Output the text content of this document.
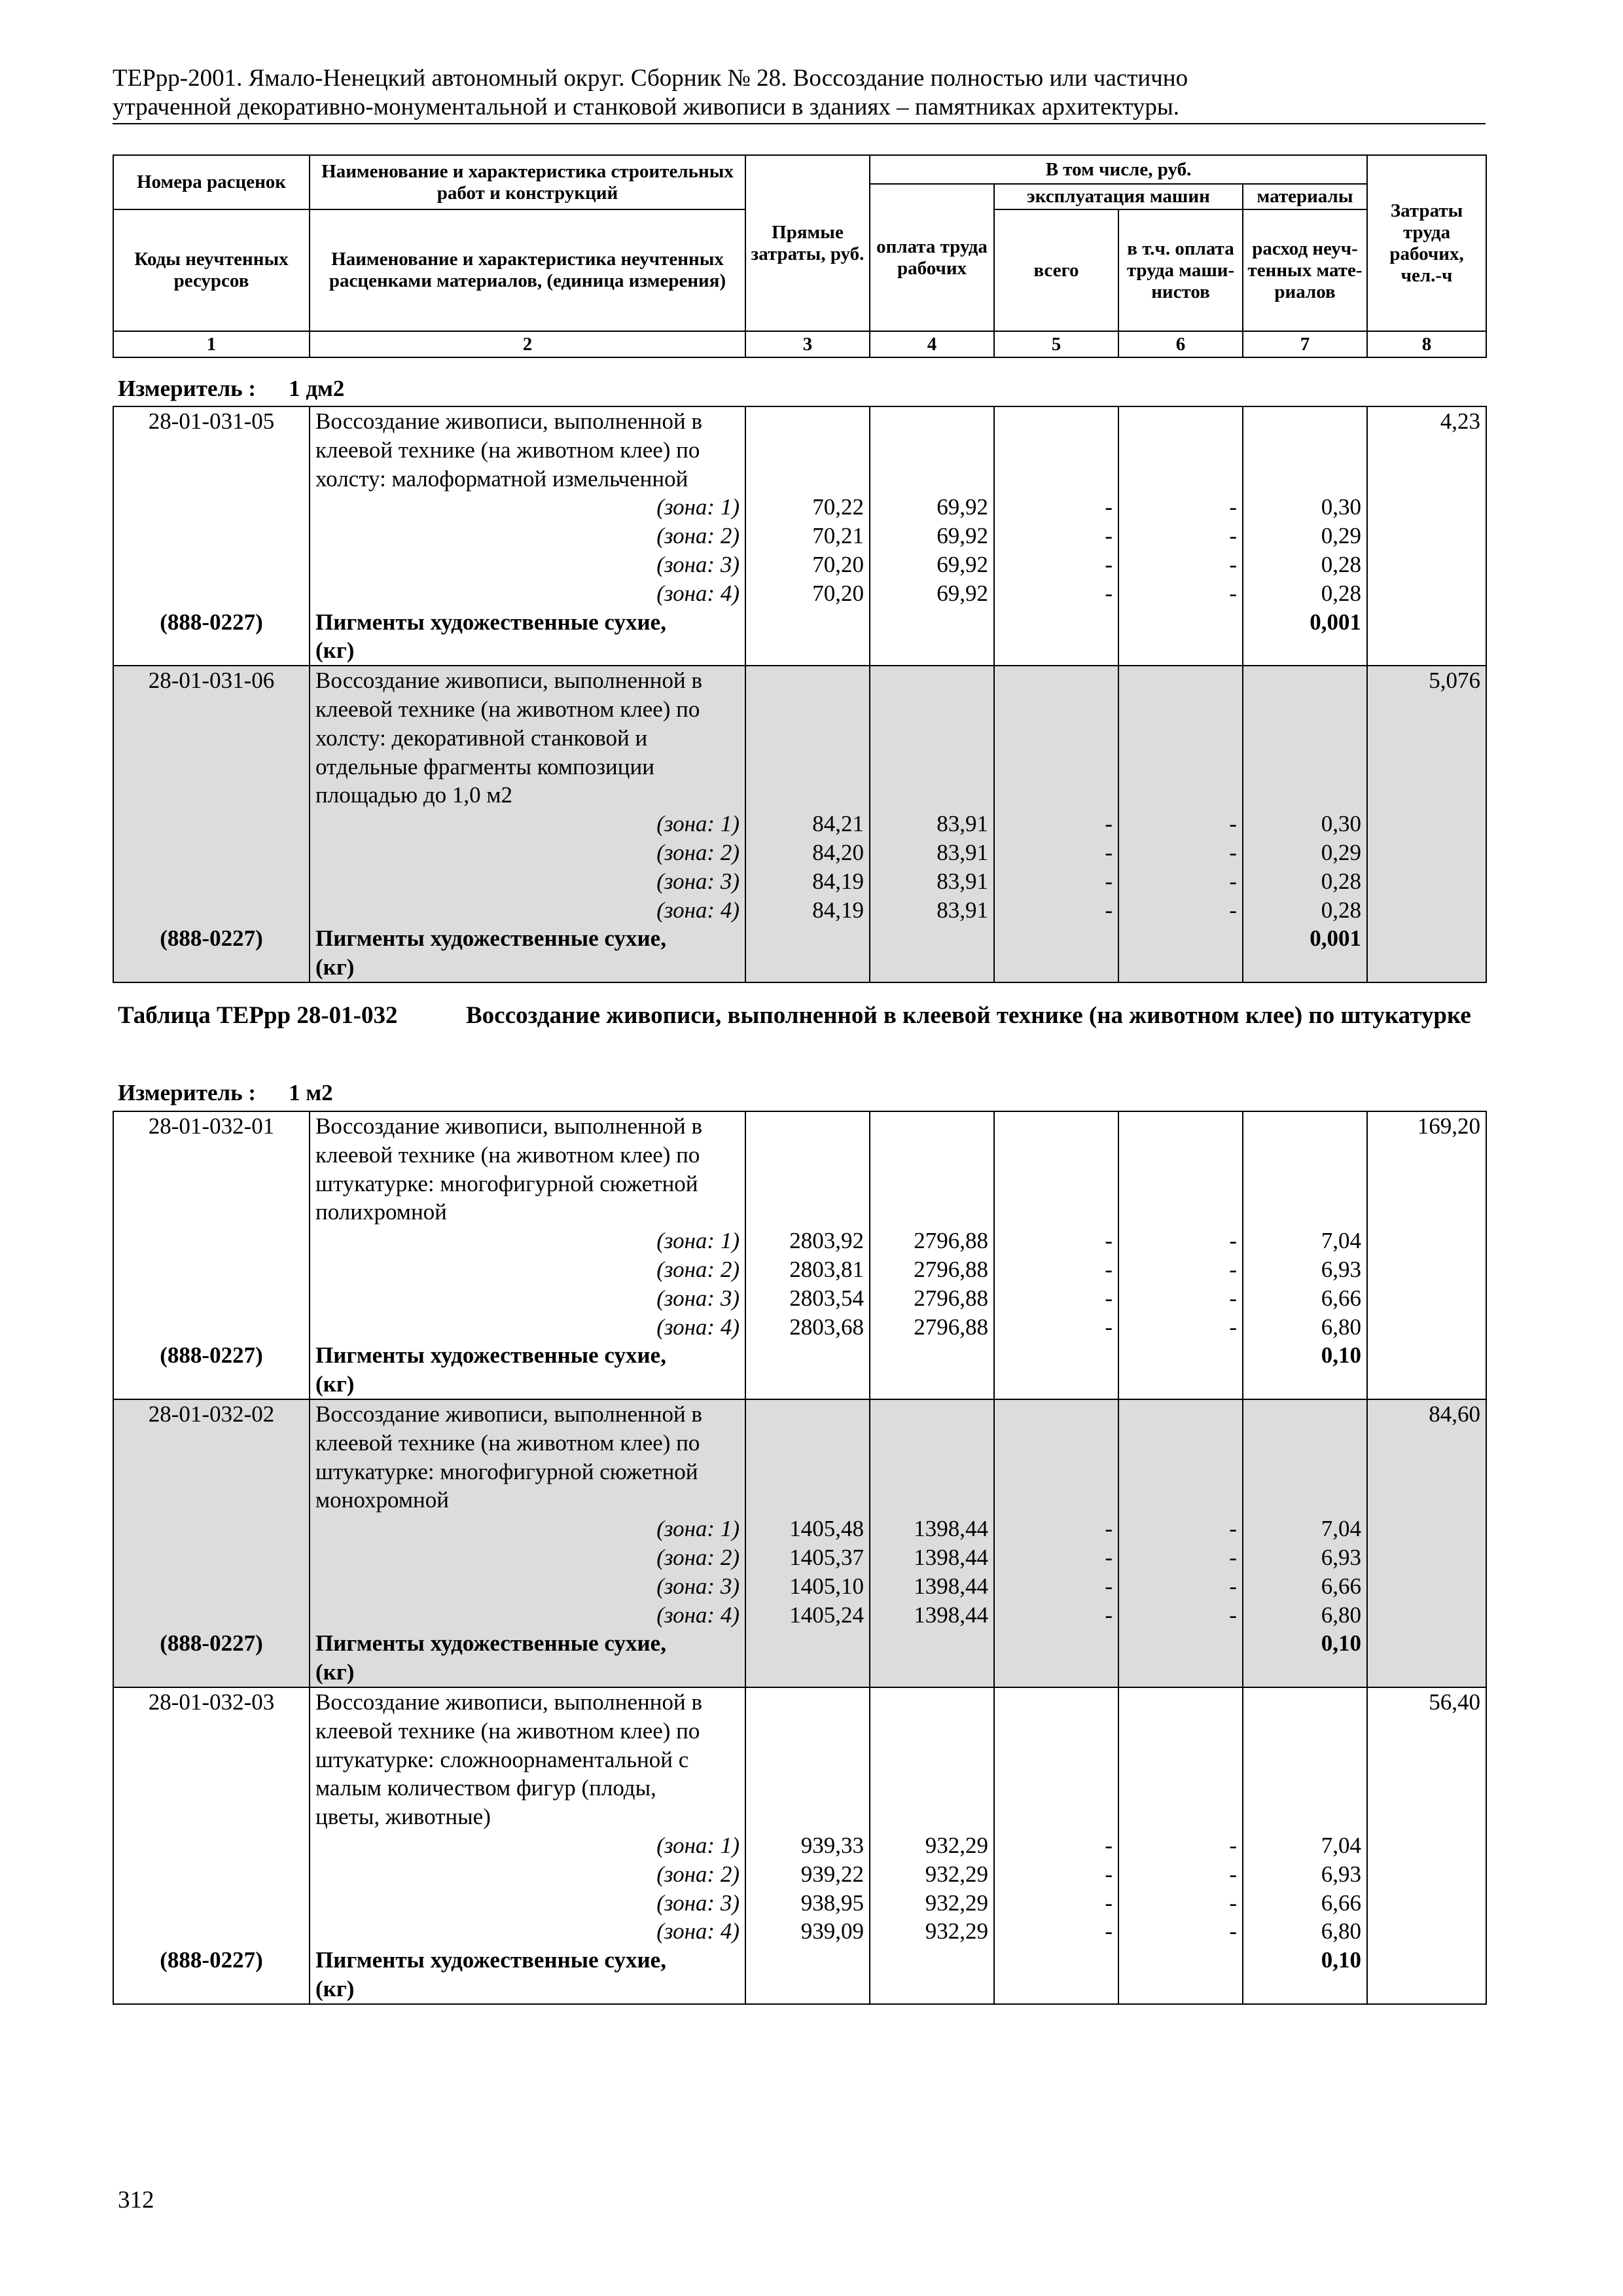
ТЕРрр-2001. Ямало-Ненецкий автономный округ. Сборник № 28. Воссоздание полностью или частично
утраченной декоративно-монументальной и станковой живописи в зданиях – памятниках архитектуры.
Номера расценок	Наименование и характеристика строительных работ и конструкций	Прямые затраты, руб.	В том числе, руб.				Затраты труда рабочих, чел.-ч
			оплата труда рабочих	эксплуатация машин		материалы	
Коды неучтенных ресурсов	Наименование и характеристика неучтенных расценками материалов, (единица измерения)			всего	в т.ч. оплата труда маши-нистов	расход неуч-тенных мате-риалов	

1	2	3	4	5	6	7	8
Измеритель : 1 дм2
28-01-031-05	Воссоздание живописи, выполненной в						4,23
	клеевой технике (на животном клее) по						
	холсту: малоформатной измельченной						
	(зона: 1)	70,22	69,92	-	-	0,30	
	(зона: 2)	70,21	69,92	-	-	0,29	
	(зона: 3)	70,20	69,92	-	-	0,28	
	(зона: 4)	70,20	69,92	-	-	0,28	
(888-0227)	Пигменты художественные сухие,					0,001	
	(кг)						
28-01-031-06	Воссоздание живописи, выполненной в						5,076
	клеевой технике (на животном клее) по						
	холсту: декоративной станковой и						
	отдельные фрагменты композиции						
	площадью до 1,0 м2						
	(зона: 1)	84,21	83,91	-	-	0,30	
	(зона: 2)	84,20	83,91	-	-	0,29	
	(зона: 3)	84,19	83,91	-	-	0,28	
	(зона: 4)	84,19	83,91	-	-	0,28	
(888-0227)	Пигменты художественные сухие,					0,001	
	(кг)						
Таблица ТЕРрр 28-01-032	Воссоздание живописи, выполненной в клеевой технике (на животном клее) по штукатурке
Измеритель : 1 м2
28-01-032-01	Воссоздание живописи, выполненной в						169,20
	клеевой технике (на животном клее) по						
	штукатурке: многофигурной сюжетной						
	полихромной						
	(зона: 1)	2803,92	2796,88	-	-	7,04	
	(зона: 2)	2803,81	2796,88	-	-	6,93	
	(зона: 3)	2803,54	2796,88	-	-	6,66	
	(зона: 4)	2803,68	2796,88	-	-	6,80	
(888-0227)	Пигменты художественные сухие,					0,10	
	(кг)						
28-01-032-02	Воссоздание живописи, выполненной в						84,60
	клеевой технике (на животном клее) по						
	штукатурке: многофигурной сюжетной						
	монохромной						
	(зона: 1)	1405,48	1398,44	-	-	7,04	
	(зона: 2)	1405,37	1398,44	-	-	6,93	
	(зона: 3)	1405,10	1398,44	-	-	6,66	
	(зона: 4)	1405,24	1398,44	-	-	6,80	
(888-0227)	Пигменты художественные сухие,					0,10	
	(кг)						
28-01-032-03	Воссоздание живописи, выполненной в						56,40
	клеевой технике (на животном клее) по						
	штукатурке: сложноорнаментальной с						
	малым количеством фигур (плоды,						
	цветы, животные)						
	(зона: 1)	939,33	932,29	-	-	7,04	
	(зона: 2)	939,22	932,29	-	-	6,93	
	(зона: 3)	938,95	932,29	-	-	6,66	
	(зона: 4)	939,09	932,29	-	-	6,80	
(888-0227)	Пигменты художественные сухие,					0,10	
	(кг)						
312
